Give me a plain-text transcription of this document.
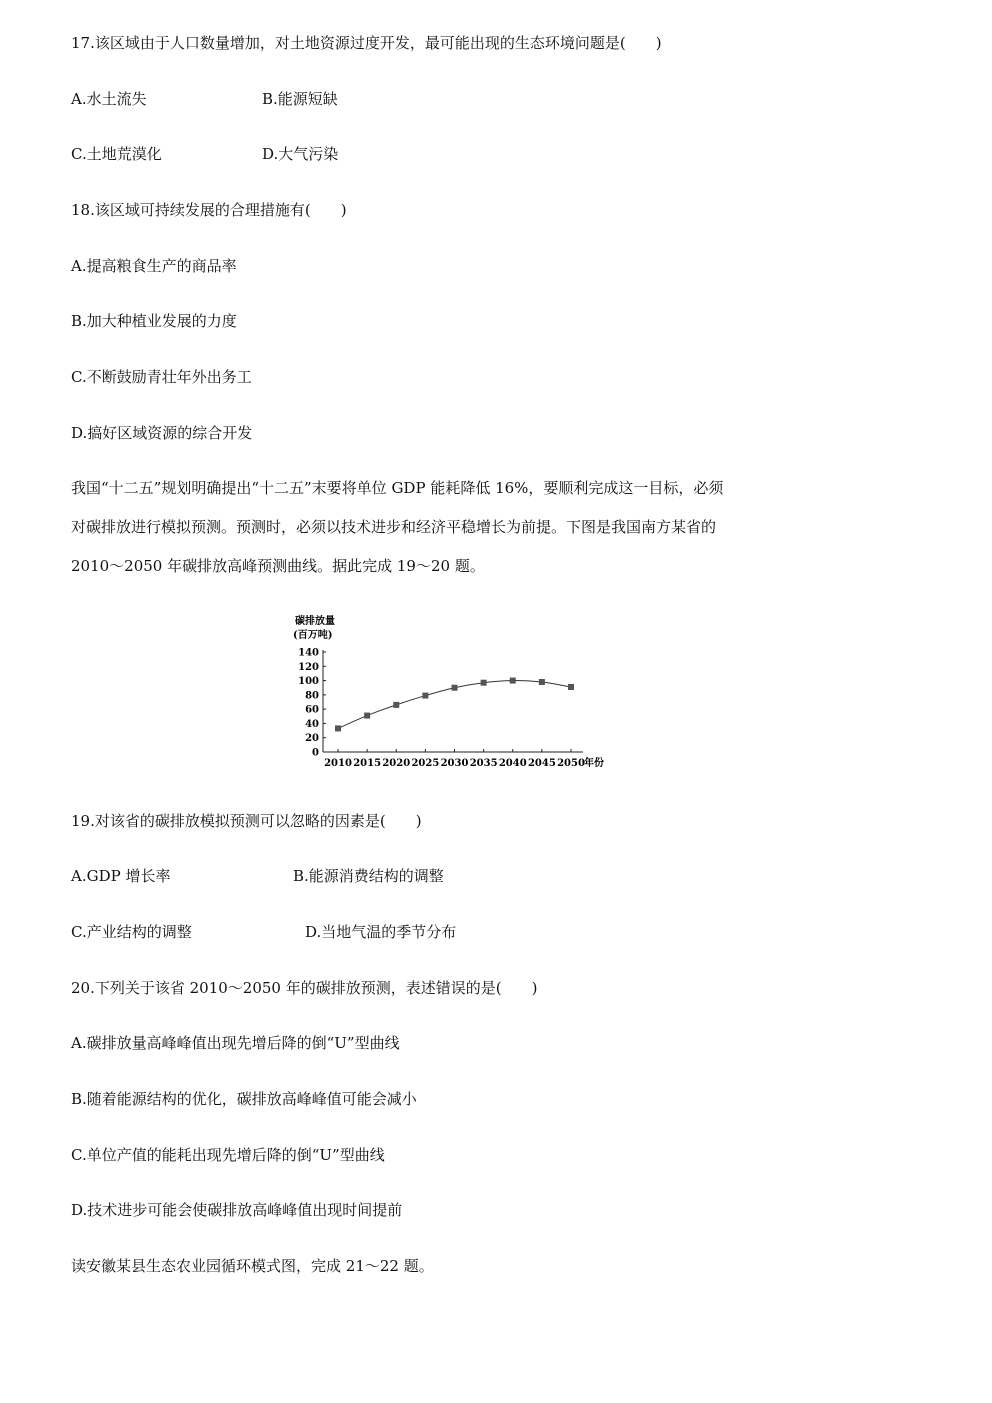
17.该区域由于人口数量增加，对土地资源过度开发，最可能出现的生态环境问题是(　　)
A.水土流失	B.能源短缺
C.土地荒漠化	D.大气污染
18.该区域可持续发展的合理措施有(　　)
A.提高粮食生产的商品率
B.加大种植业发展的力度
C.不断鼓励青壮年外出务工
D.搞好区域资源的综合开发
我国“十二五”规划明确提出“十二五”末要将单位 GDP 能耗降低 16%，要顺利完成这一目标，必须
对碳排放进行模拟预测。预测时，必须以技术进步和经济平稳增长为前提。下图是我国南方某省的
2010～2050 年碳排放高峰预测曲线。据此完成 19～20 题。
碳排放量
(百万吨)
0
20
40
60
80
100
120
140
2010 2015 2020 2025 2030 2035 2040 2045 2050 年份
19.对该省的碳排放模拟预测可以忽略的因素是(　　)
A.GDP 增长率	B.能源消费结构的调整
C.产业结构的调整	D.当地气温的季节分布
20.下列关于该省 2010～2050 年的碳排放预测，表述错误的是(　　)
A.碳排放量高峰峰值出现先增后降的倒“U”型曲线
B.随着能源结构的优化，碳排放高峰峰值可能会减小
C.单位产值的能耗出现先增后降的倒“U”型曲线
D.技术进步可能会使碳排放高峰峰值出现时间提前
读安徽某县生态农业园循环模式图，完成 21～22 题。
